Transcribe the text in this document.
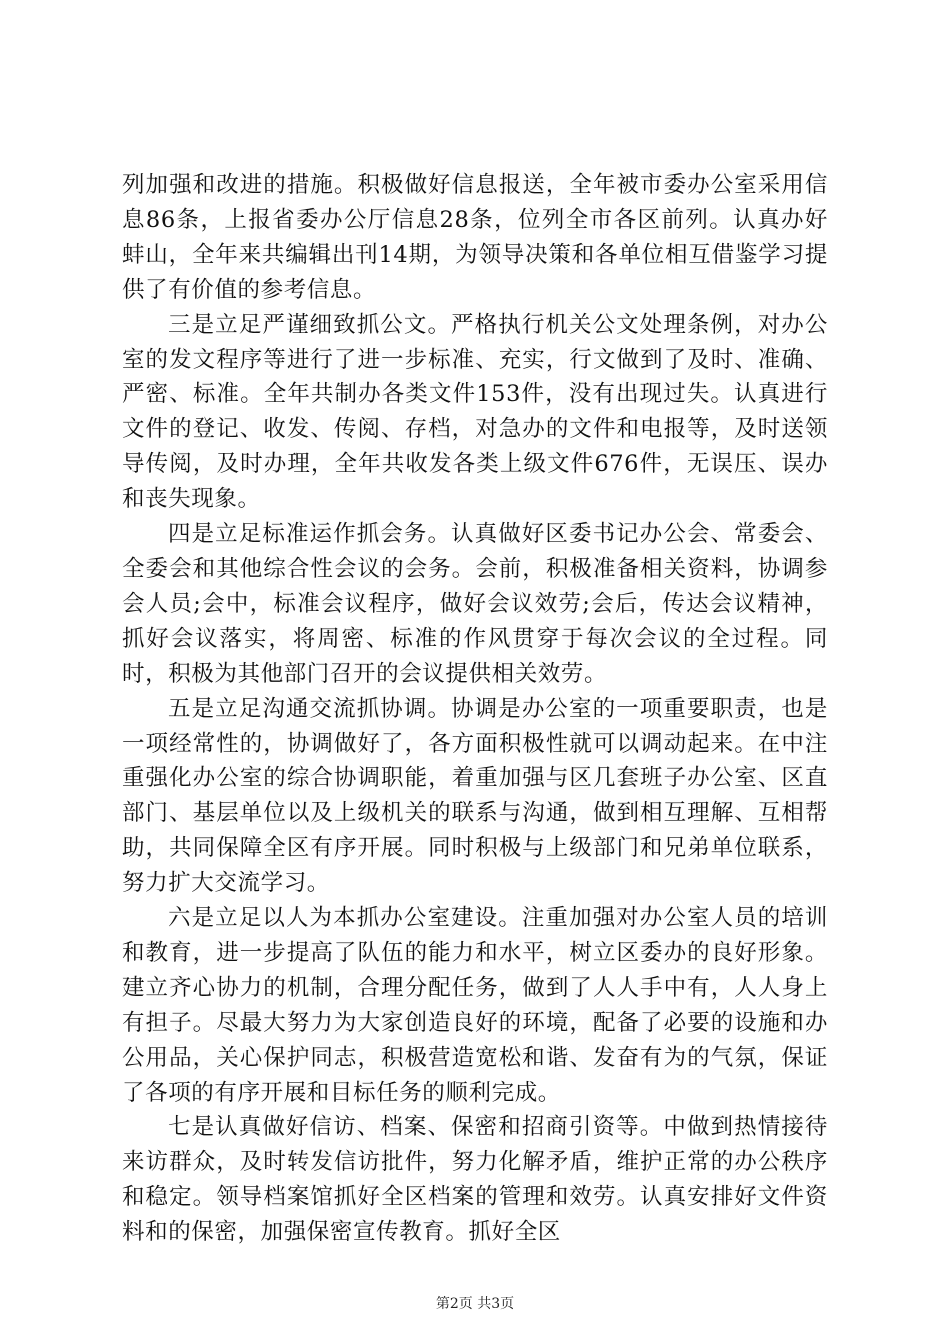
列加强和改进的措施。积极做好信息报送，全年被市委办公室采用信息86条，上报省委办公厅信息28条，位列全市各区前列。认真办好蚌山，全年来共编辑出刊14期，为领导决策和各单位相互借鉴学习提供了有价值的参考信息。

三是立足严谨细致抓公文。严格执行机关公文处理条例，对办公室的发文程序等进行了进一步标准、充实，行文做到了及时、准确、严密、标准。全年共制办各类文件153件，没有出现过失。认真进行文件的登记、收发、传阅、存档，对急办的文件和电报等，及时送领导传阅，及时办理，全年共收发各类上级文件676件，无误压、误办和丧失现象。

四是立足标准运作抓会务。认真做好区委书记办公会、常委会、全委会和其他综合性会议的会务。会前，积极准备相关资料，协调参会人员;会中，标准会议程序，做好会议效劳;会后，传达会议精神，抓好会议落实，将周密、标准的作风贯穿于每次会议的全过程。同时，积极为其他部门召开的会议提供相关效劳。

五是立足沟通交流抓协调。协调是办公室的一项重要职责，也是一项经常性的，协调做好了，各方面积极性就可以调动起来。在中注重强化办公室的综合协调职能，着重加强与区几套班子办公室、区直部门、基层单位以及上级机关的联系与沟通，做到相互理解、互相帮助，共同保障全区有序开展。同时积极与上级部门和兄弟单位联系，努力扩大交流学习。

六是立足以人为本抓办公室建设。注重加强对办公室人员的培训和教育，进一步提高了队伍的能力和水平，树立区委办的良好形象。建立齐心协力的机制，合理分配任务，做到了人人手中有，人人身上有担子。尽最大努力为大家创造良好的环境，配备了必要的设施和办公用品，关心保护同志，积极营造宽松和谐、发奋有为的气氛，保证了各项的有序开展和目标任务的顺利完成。

七是认真做好信访、档案、保密和招商引资等。中做到热情接待来访群众，及时转发信访批件，努力化解矛盾，维护正常的办公秩序和稳定。领导档案馆抓好全区档案的管理和效劳。认真安排好文件资料和的保密，加强保密宣传教育。抓好全区

第2页 共3页
